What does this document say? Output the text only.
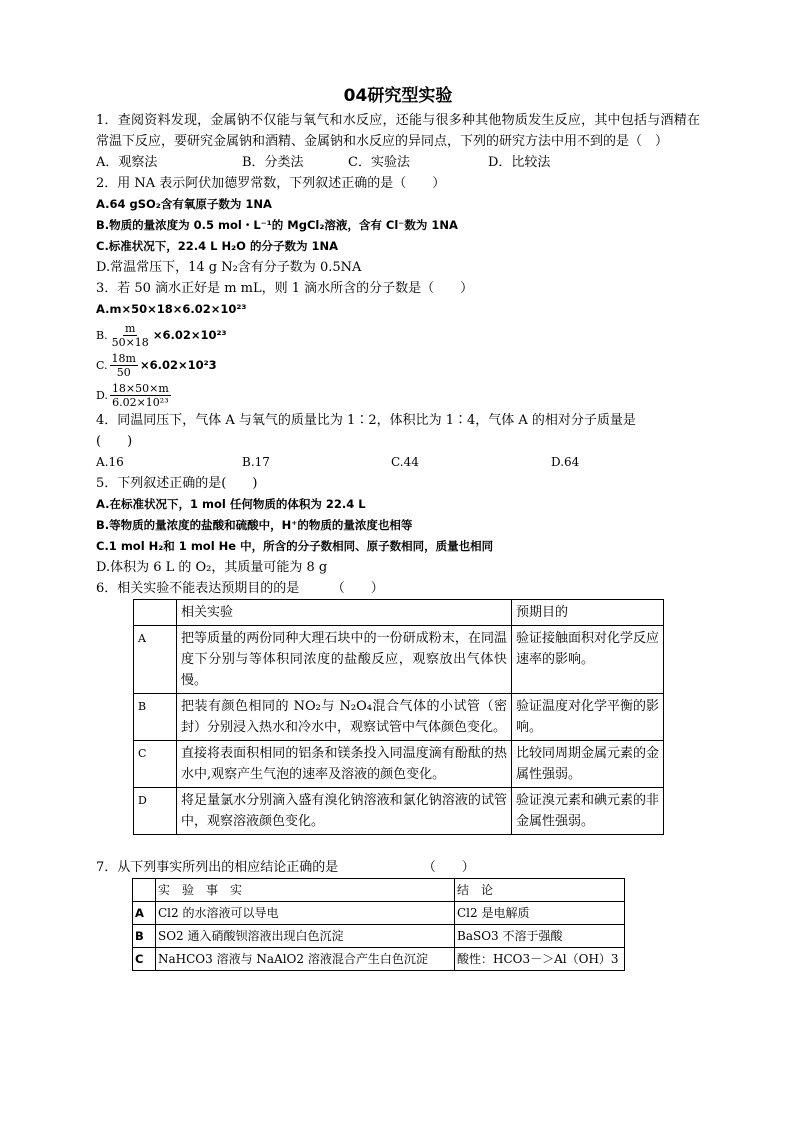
04研究型实验

1．查阅资料发现，金属钠不仅能与氧气和水反应，还能与很多种其他物质发生反应，其中包括与酒精在常温下反应，要研究金属钠和酒精、金属钠和水反应的异同点，下列的研究方法中用不到的是（　）

A．观察法	B．分类法	C．实验法	D．比较法

2．用 NA 表示阿伏加德罗常数，下列叙述正确的是（　　）

A.64 gSO₂含有氧原子数为 1NA

B.物质的量浓度为 0.5 mol・L⁻¹的 MgCl₂溶液，含有 Cl⁻数为 1NA

C.标准状况下，22.4 L H₂O 的分子数为 1NA

D.常温常压下，14 g N₂含有分子数为 0.5NA

3．若 50 滴水正好是 m mL，则 1 滴水所含的分子数是（　　）

A.m×50×18×6.02×10²³

B. $\frac{m}{50\times 18} \times 6.02\times 10^{23}$
C. $\frac{18m}{50} \times 6.02\times 10^23$
D. $\frac{18\times 50\times m}{\text{6.02×10²³}}$

4．同温同压下，气体 A 与氧气的质量比为 1∶2，体积比为 1∶4，气体 A 的相对分子质量是

(　　)

A.16	B.17	C.44	D.64

5．下列叙述正确的是(　　)

A.在标准状况下，1 mol 任何物质的体积为 22.4 L

B.等物质的量浓度的盐酸和硫酸中，H⁺的物质的量浓度也相等

C.1 mol H₂和 1 mol He 中，所含的分子数相同、原子数相同，质量也相同

D.体积为 6 L 的 O₂，其质量可能为 8 g

6．相关实验不能表达预期目的的是　　　（　　）

	相关实验	预期目的
A	把等质量的两份同种大理石块中的一份研成粉末，在同温度下分别与等体积同浓度的盐酸反应，观察放出气体快慢。	验证接触面积对化学反应速率的影响。
B	把装有颜色相同的 NO₂与 N₂O₄混合气体的小试管（密封）分别浸入热水和冷水中，观察试管中气体颜色变化。	验证温度对化学平衡的影响。
C	直接将表面积相同的铝条和镁条投入同温度滴有酚酞的热水中,观察产生气泡的速率及溶液的颜色变化。	比较同周期金属元素的金属性强弱。
D	将足量氯水分别滴入盛有溴化钠溶液和氯化钠溶液的试管中，观察溶液颜色变化。	验证溴元素和碘元素的非金属性强弱。

7．从下列事实所列出的相应结论正确的是　　　　　　　（　　）

	实　验　事　实	结　论
A	Cl2 的水溶液可以导电	Cl2 是电解质
B	SO2 通入硝酸钡溶液出现白色沉淀	BaSO3 不溶于强酸
C	NaHCO3 溶液与 NaAlO2 溶液混合产生白色沉淀	酸性：HCO3－＞Al（OH）3
